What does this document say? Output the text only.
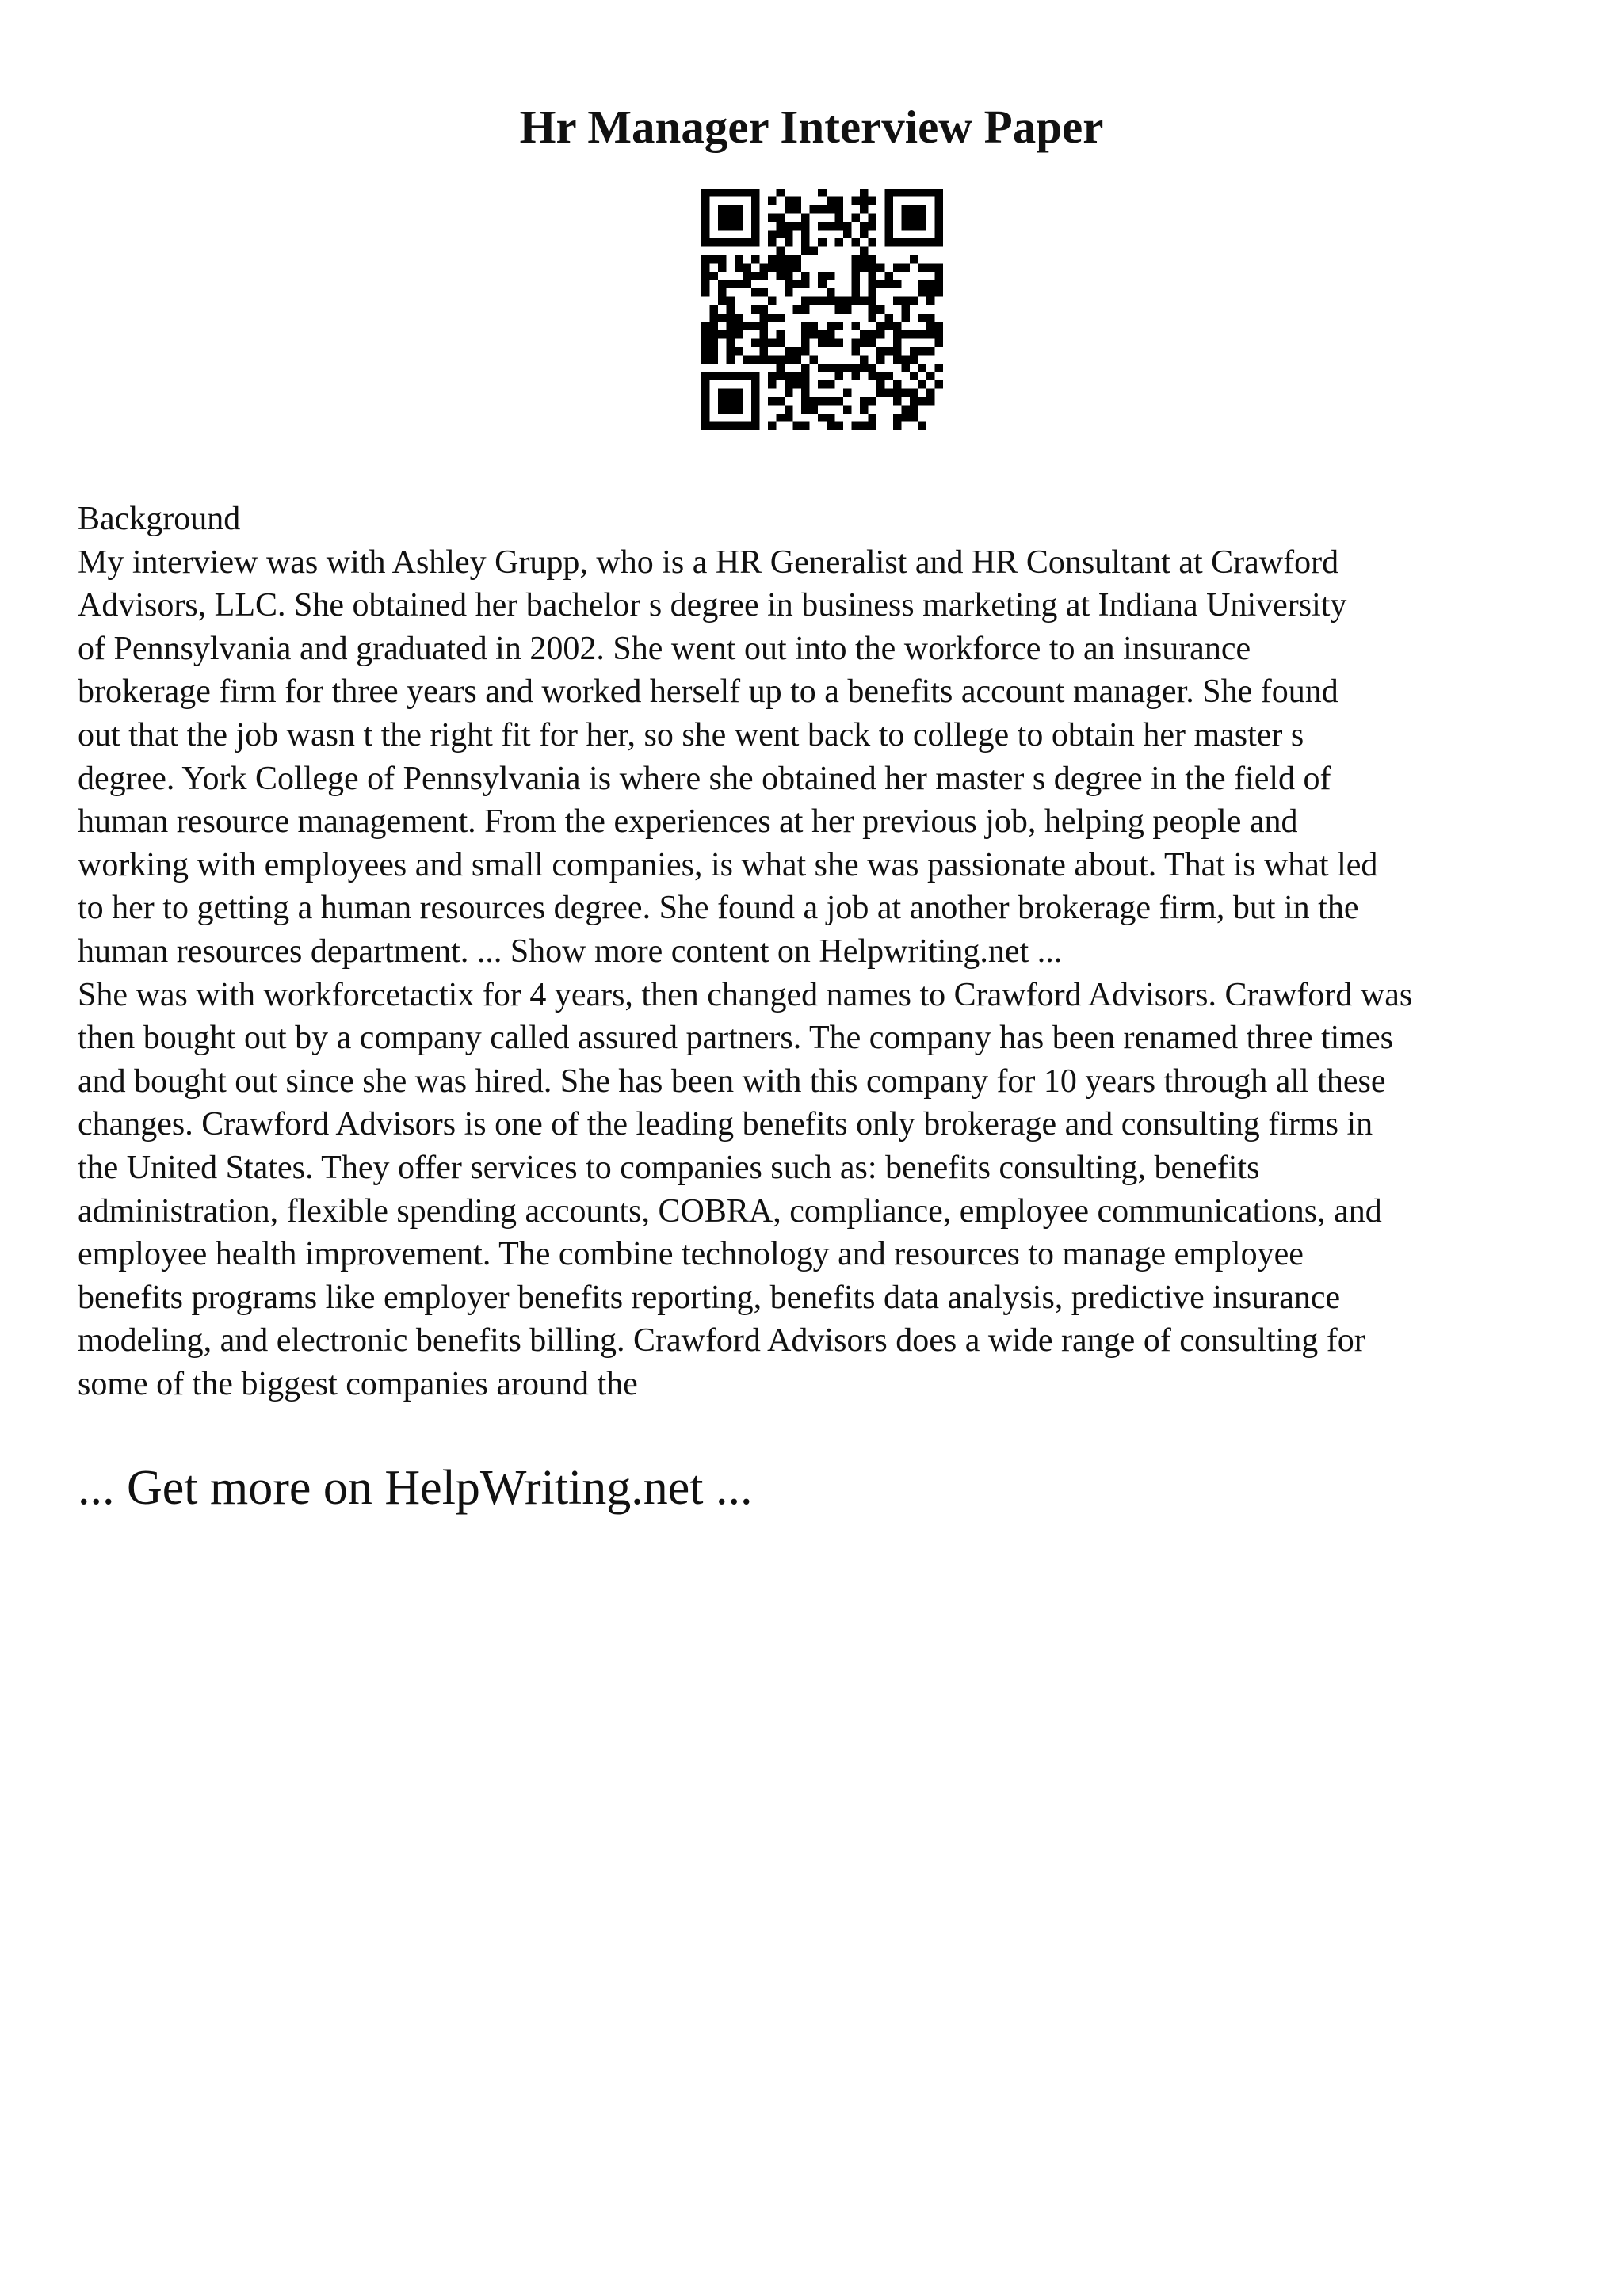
Hr Manager Interview Paper
Background
My interview was with Ashley Grupp, who is a HR Generalist and HR Consultant at Crawford
Advisors, LLC. She obtained her bachelor s degree in business marketing at Indiana University
of Pennsylvania and graduated in 2002. She went out into the workforce to an insurance
brokerage firm for three years and worked herself up to a benefits account manager. She found
out that the job wasn t the right fit for her, so she went back to college to obtain her master s
degree. York College of Pennsylvania is where she obtained her master s degree in the field of
human resource management. From the experiences at her previous job, helping people and
working with employees and small companies, is what she was passionate about. That is what led
to her to getting a human resources degree. She found a job at another brokerage firm, but in the
human resources department. ... Show more content on Helpwriting.net ...
She was with workforcetactix for 4 years, then changed names to Crawford Advisors. Crawford was
then bought out by a company called assured partners. The company has been renamed three times
and bought out since she was hired. She has been with this company for 10 years through all these
changes. Crawford Advisors is one of the leading benefits only brokerage and consulting firms in
the United States. They offer services to companies such as: benefits consulting, benefits
administration, flexible spending accounts, COBRA, compliance, employee communications, and
employee health improvement. The combine technology and resources to manage employee
benefits programs like employer benefits reporting, benefits data analysis, predictive insurance
modeling, and electronic benefits billing. Crawford Advisors does a wide range of consulting for
some of the biggest companies around the
... Get more on HelpWriting.net ...
